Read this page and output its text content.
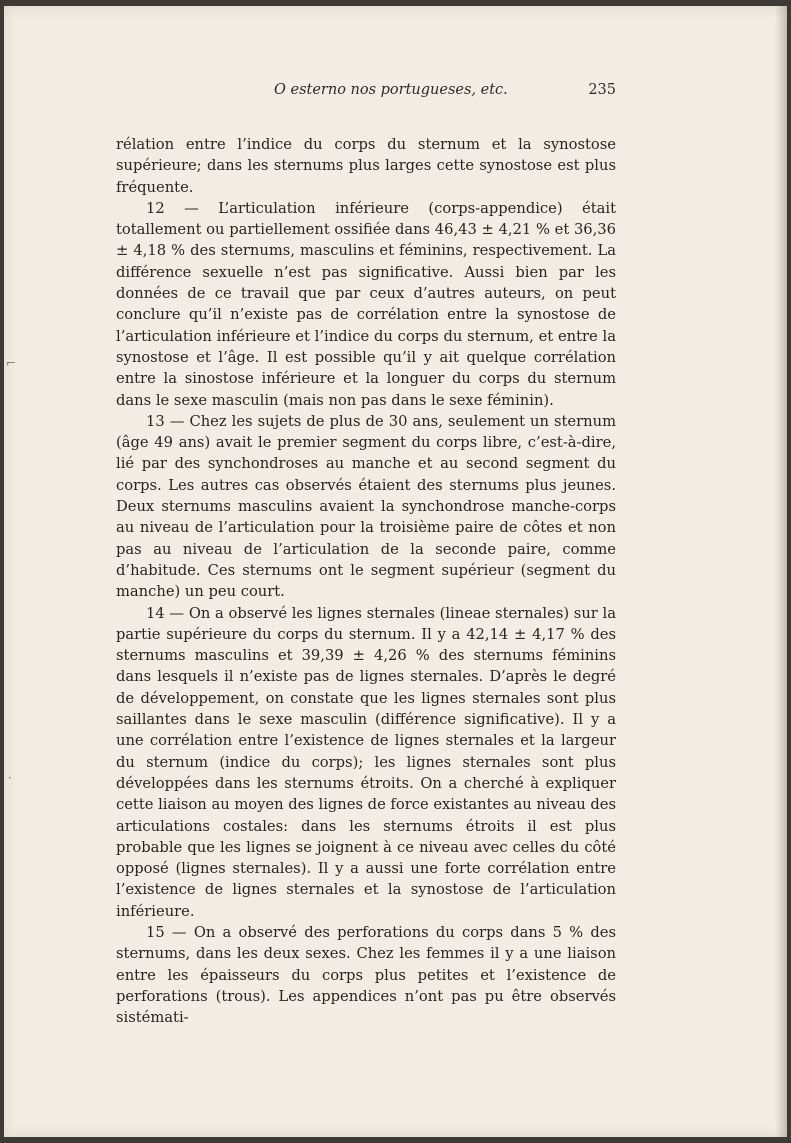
O esterno nos portugueses, etc.	235

rélation entre l’indice du corps du sternum et la synostose supérieure; dans les sternums plus larges cette synostose est plus fréquente.

12 — L’articulation inférieure (corps-appendice) était totallement ou partiellement ossifiée dans 46,43 ± 4,21 % et 36,36 ± 4,18 % des sternums, masculins et féminins, respectivement. La différence sexuelle n’est pas significative. Aussi bien par les données de ce travail que par ceux d’autres auteurs, on peut conclure qu’il n’existe pas de corrélation entre la synostose de l’articulation inférieure et l’indice du corps du sternum, et entre la synostose et l’âge. Il est possible qu’il y ait quelque corrélation entre la sinostose inférieure et la longuer du corps du sternum dans le sexe masculin (mais non pas dans le sexe féminin).

13 — Chez les sujets de plus de 30 ans, seulement un sternum (âge 49 ans) avait le premier segment du corps libre, c’est-à-dire, lié par des synchondroses au manche et au second segment du corps. Les autres cas observés étaient des sternums plus jeunes. Deux sternums masculins avaient la synchondrose manche-corps au niveau de l’articulation pour la troisième paire de côtes et non pas au niveau de l’articulation de la seconde paire, comme d’habitude. Ces sternums ont le segment supérieur (segment du manche) un peu court.

14 — On a observé les lignes sternales (lineae sternales) sur la partie supérieure du corps du sternum. Il y a 42,14 ± 4,17 % des sternums masculins et 39,39 ± 4,26 % des sternums féminins dans lesquels il n’existe pas de lignes sternales. D’après le degré de développement, on constate que les lignes sternales sont plus saillantes dans le sexe masculin (différence significative). Il y a une corrélation entre l’existence de lignes sternales et la largeur du sternum (indice du corps); les lignes sternales sont plus développées dans les sternums étroits. On a cherché à expliquer cette liaison au moyen des lignes de force existantes au niveau des articulations costales: dans les sternums étroits il est plus probable que les lignes se joignent à ce niveau avec celles du côté opposé (lignes sternales). Il y a aussi une forte corrélation entre l’existence de lignes sternales et la synostose de l’articulation inférieure.

15 — On a observé des perforations du corps dans 5 % des sternums, dans les deux sexes. Chez les femmes il y a une liaison entre les épaisseurs du corps plus petites et l’existence de perforations (trous). Les appendices n’ont pas pu être observés sistémati-

⌐
·
